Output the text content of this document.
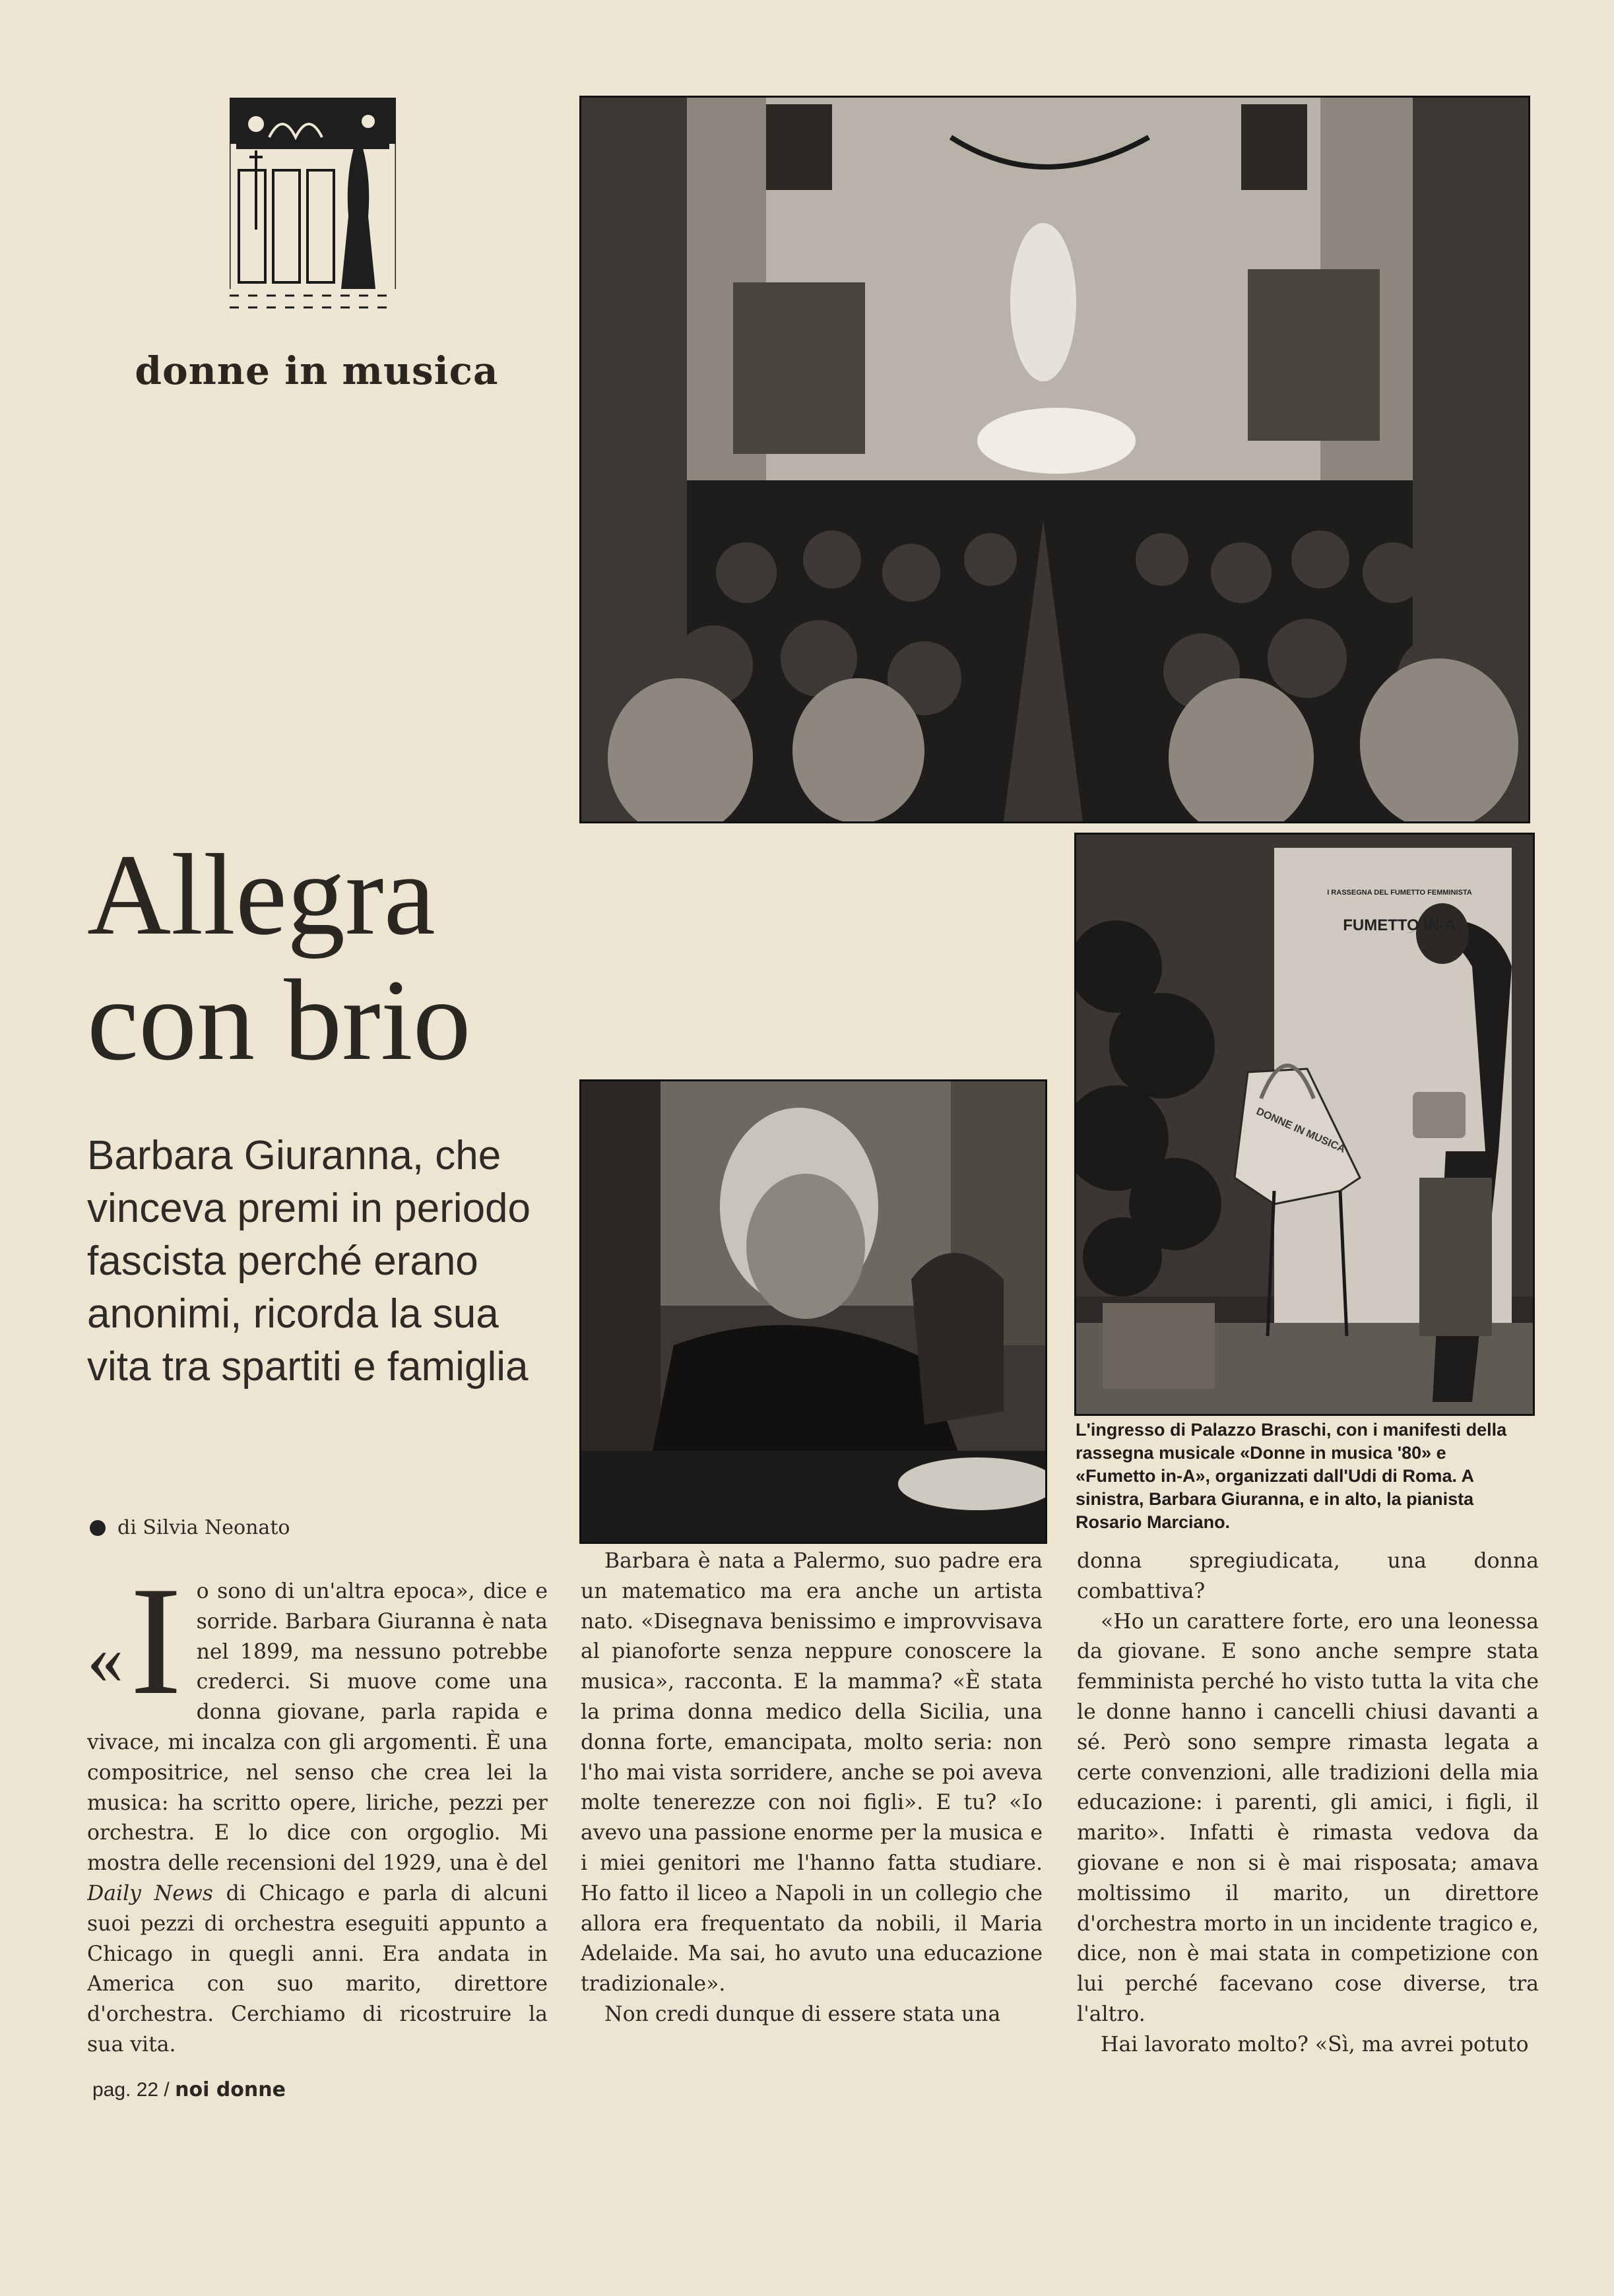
donne in musica
Allegra
con brio
I RASSEGNA DEL FUMETTO FEMMINISTA
FUMETTO IN-A
DONNE IN MUSICA
Barbara Giuranna, che vinceva premi in periodo fascista perché erano anonimi, ricorda la sua vita tra spartiti e famiglia
di Silvia Neonato
L'ingresso di Palazzo Braschi, con i manifesti della rassegna musicale «Donne in musica '80» e «Fumetto in-A», organizzati dall'Udi di Roma. A sinistra, Barbara Giuranna, e in alto, la pianista Rosario Marciano.
« I o sono di un'altra epoca», dice e sorride. Barbara Giuranna è nata nel 1899, ma nessuno potrebbe crederci. Si muove come una donna giovane, parla rapida e vivace, mi incalza con gli argomenti. È una compositrice, nel senso che crea lei la musica: ha scritto opere, liriche, pezzi per orchestra. E lo dice con orgoglio. Mi mostra delle recensioni del 1929, una è del Daily News di Chicago e parla di alcuni suoi pezzi di orchestra eseguiti appunto a Chicago in quegli anni. Era andata in America con suo marito, direttore d'orchestra. Cerchiamo di ricostruire la sua vita.

Barbara è nata a Palermo, suo padre era un matematico ma era anche un artista nato. «Disegnava benissimo e improvvisava al pianoforte senza neppure conoscere la musica», racconta. E la mamma? «È stata la prima donna medico della Sicilia, una donna forte, emancipata, molto seria: non l'ho mai vista sorridere, anche se poi aveva molte tenerezze con noi figli». E tu? «Io avevo una passione enorme per la musica e i miei genitori me l'hanno fatta studiare. Ho fatto il liceo a Napoli in un collegio che allora era frequentato da nobili, il Maria Adelaide. Ma sai, ho avuto una educazione tradizionale».

Non credi dunque di essere stata una

donna spregiudicata, una donna combattiva?

«Ho un carattere forte, ero una leonessa da giovane. E sono anche sempre stata femminista perché ho visto tutta la vita che le donne hanno i cancelli chiusi davanti a sé. Però sono sempre rimasta legata a certe convenzioni, alle tradizioni della mia educazione: i parenti, gli amici, i figli, il marito». Infatti è rimasta vedova da giovane e non si è mai risposata; amava moltissimo il marito, un direttore d'orchestra morto in un incidente tragico e, dice, non è mai stata in competizione con lui perché facevano cose diverse, tra l'altro.

Hai lavorato molto? «Sì, ma avrei potuto

pag. 22 / noi donne
